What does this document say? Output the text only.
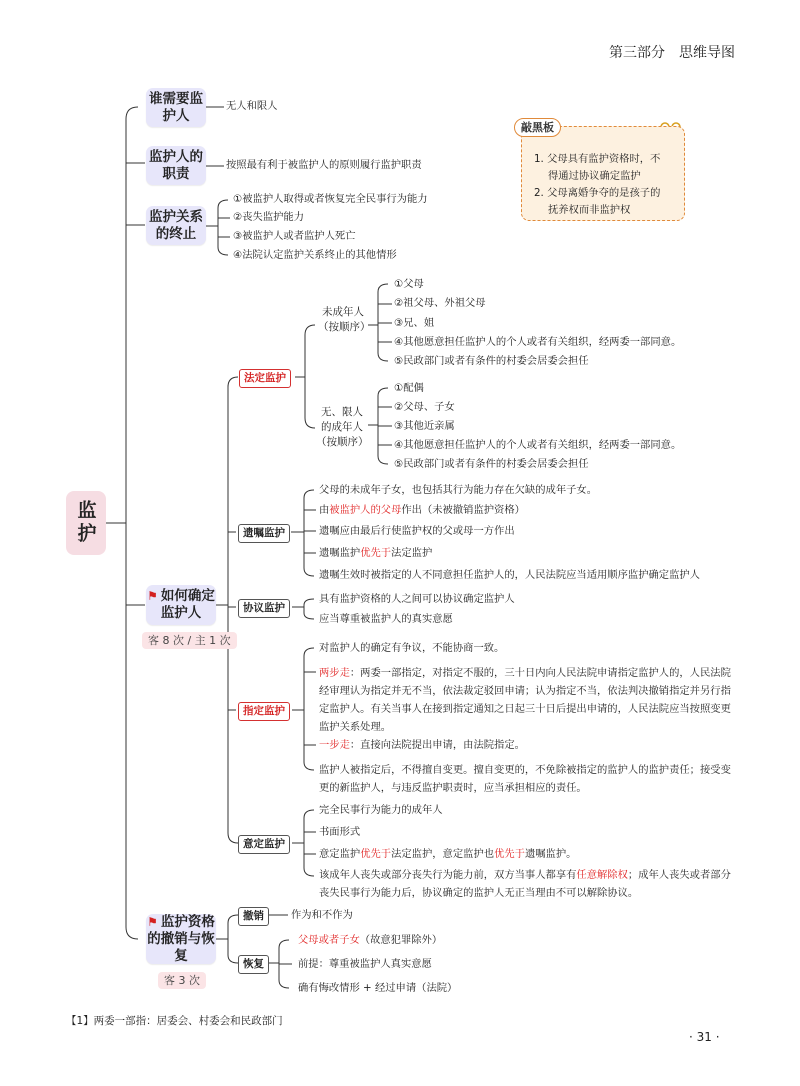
第三部分 思维导图
监护
谁需要监护人
无人和限人
监护人的职责
按照最有利于被监护人的原则履行监护职责
监护关系的终止
①被监护人取得或者恢复完全民事行为能力
②丧失监护能力
③被监护人或者监护人死亡
④法院认定监护关系终止的其他情形
敲黑板
1. 父母具有监护资格时，不
得通过协议确定监护
2. 父母离婚争夺的是孩子的
抚养权而非监护权
⚑ 如何确定监护人
客 8 次 / 主 1 次
法定监护
未成年人
（按顺序）
①父母
②祖父母、外祖父母
③兄、姐
④其他愿意担任监护人的个人或者有关组织，经两委一部同意。
⑤民政部门或者有条件的村委会居委会担任
无、限人
的成年人
（按顺序）
①配偶
②父母、子女
③其他近亲属
④其他愿意担任监护人的个人或者有关组织，经两委一部同意。
⑤民政部门或者有条件的村委会居委会担任
遗嘱监护
父母的未成年子女，也包括其行为能力存在欠缺的成年子女。
由被监护人的父母作出（未被撤销监护资格）
遗嘱应由最后行使监护权的父或母一方作出
遗嘱监护优先于法定监护
遗嘱生效时被指定的人不同意担任监护人的，人民法院应当适用顺序监护确定监护人
协议监护
具有监护资格的人之间可以协议确定监护人
应当尊重被监护人的真实意愿
指定监护
对监护人的确定有争议，不能协商一致。
两步走：两委一部指定，对指定不服的，三十日内向人民法院申请指定监护人的，人民法院经审理认为指定并无不当，依法裁定驳回申请；认为指定不当，依法判决撤销指定并另行指定监护人。有关当事人在接到指定通知之日起三十日后提出申请的，人民法院应当按照变更监护关系处理。
一步走：直接向法院提出申请，由法院指定。
监护人被指定后，不得擅自变更。擅自变更的，不免除被指定的监护人的监护责任；接受变更的新监护人，与违反监护职责时，应当承担相应的责任。
意定监护
完全民事行为能力的成年人
书面形式
意定监护优先于法定监护，意定监护也优先于遗嘱监护。
该成年人丧失或部分丧失行为能力前，双方当事人都享有任意解除权；成年人丧失或者部分丧失民事行为能力后，协议确定的监护人无正当理由不可以解除协议。
⚑ 监护资格的撤销与恢复
客 3 次
撤销	作为和不作为
恢复
父母或者子女（故意犯罪除外）
前提：尊重被监护人真实意愿
确有悔改情形 + 经过申请（法院）
【1】两委一部指：居委会、村委会和民政部门
· 31 ·
